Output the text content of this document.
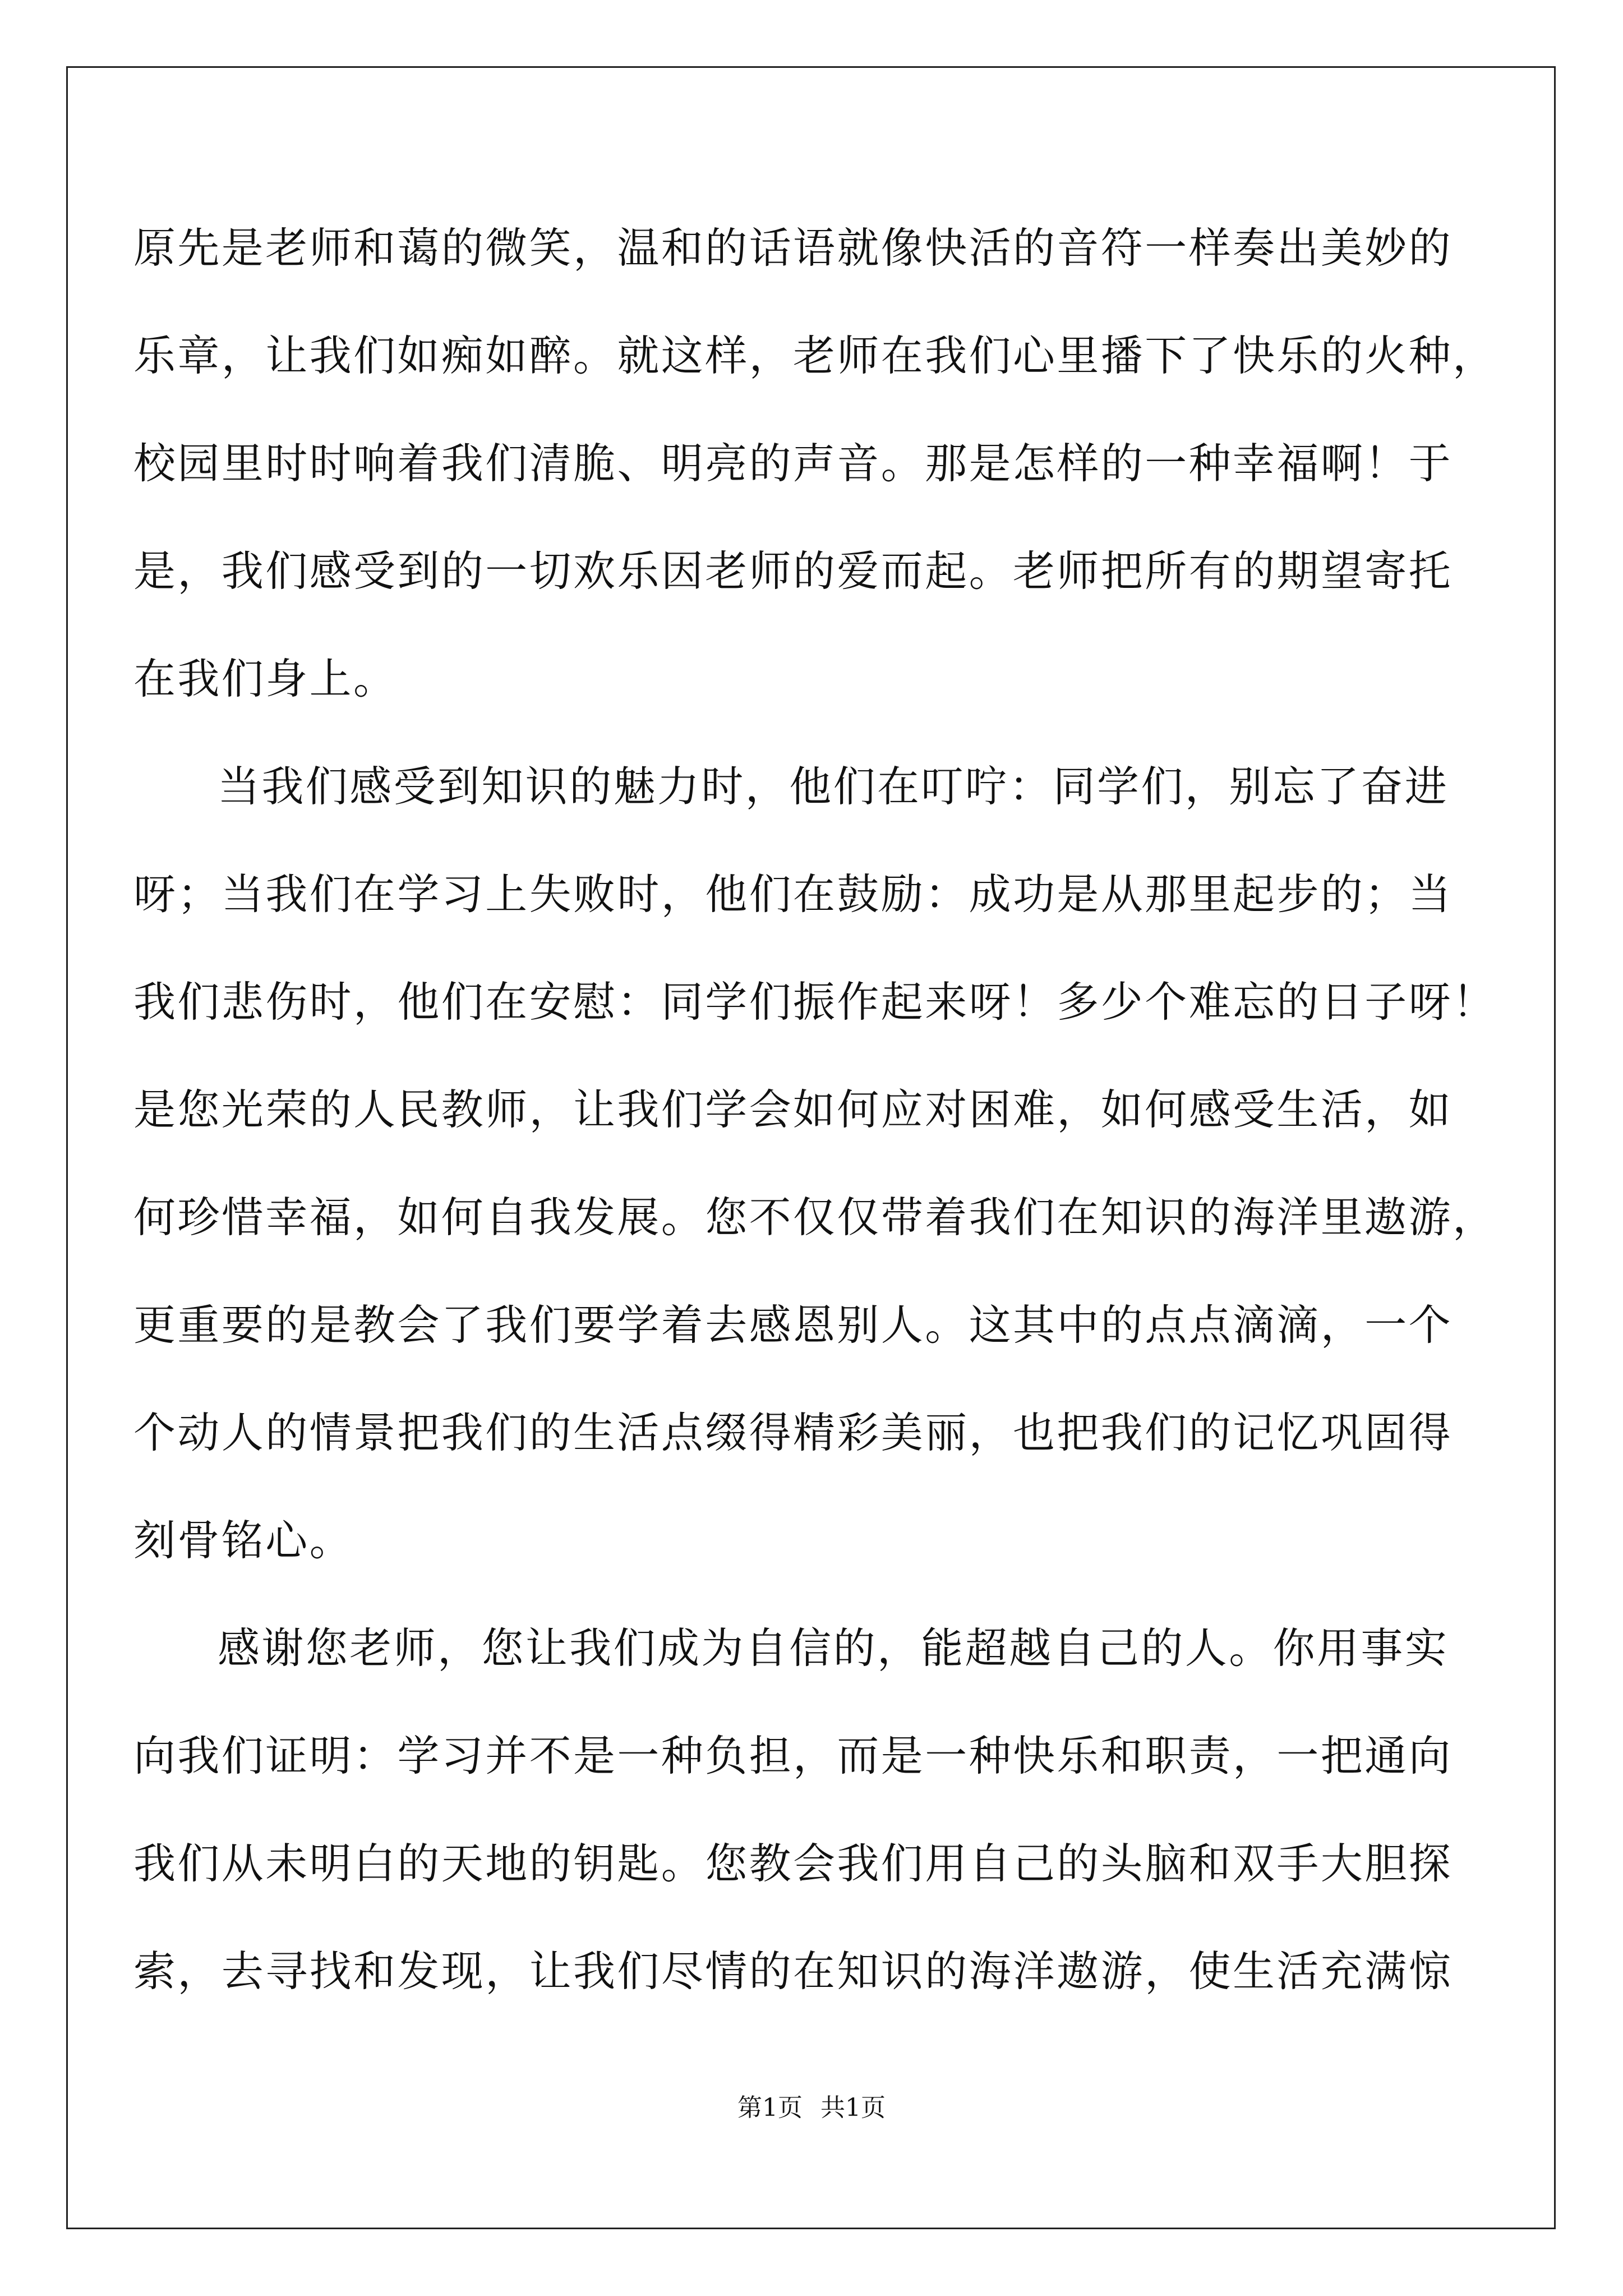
原先是老师和蔼的微笑，温和的话语就像快活的音符一样奏出美妙的
乐章，让我们如痴如醉。就这样，老师在我们心里播下了快乐的火种，
校园里时时响着我们清脆、明亮的声音。那是怎样的一种幸福啊！于
是，我们感受到的一切欢乐因老师的爱而起。老师把所有的期望寄托
在我们身上。
当我们感受到知识的魅力时，他们在叮咛：同学们，别忘了奋进
呀；当我们在学习上失败时，他们在鼓励：成功是从那里起步的；当
我们悲伤时，他们在安慰：同学们振作起来呀！多少个难忘的日子呀！
是您光荣的人民教师，让我们学会如何应对困难，如何感受生活，如
何珍惜幸福，如何自我发展。您不仅仅带着我们在知识的海洋里遨游，
更重要的是教会了我们要学着去感恩别人。这其中的点点滴滴，一个
个动人的情景把我们的生活点缀得精彩美丽，也把我们的记忆巩固得
刻骨铭心。
感谢您老师，您让我们成为自信的，能超越自己的人。你用事实
向我们证明：学习并不是一种负担，而是一种快乐和职责，一把通向
我们从未明白的天地的钥匙。您教会我们用自己的头脑和双手大胆探
索，去寻找和发现，让我们尽情的在知识的海洋遨游，使生活充满惊
第1页 共1页
